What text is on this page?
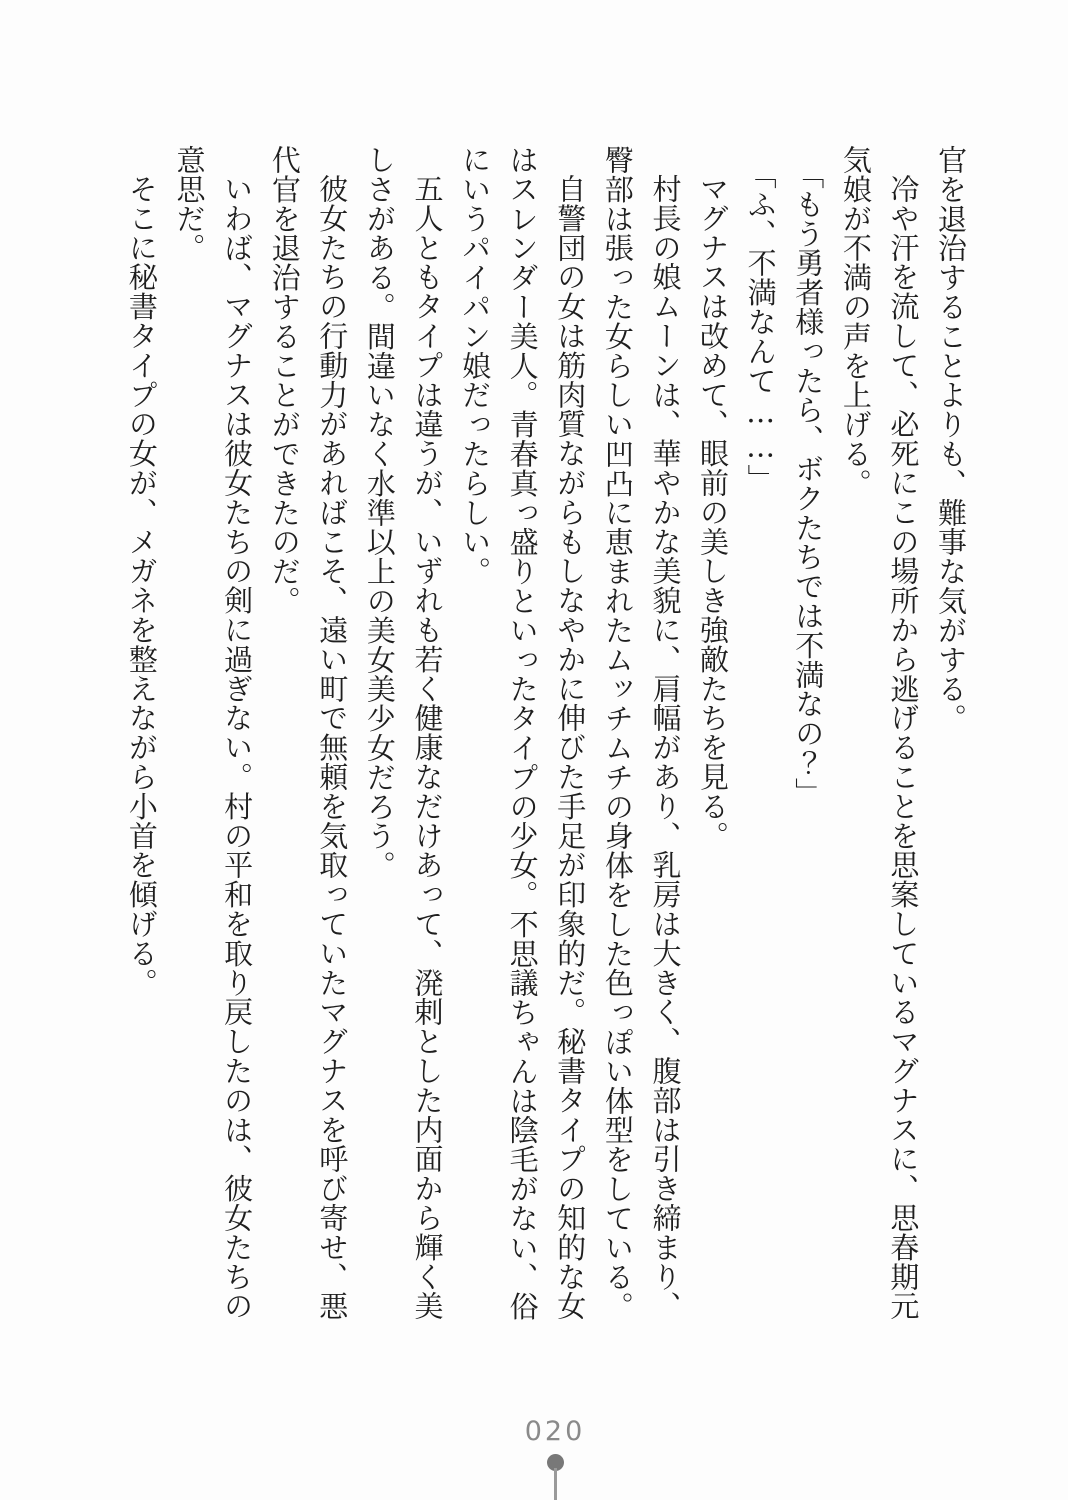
官を退治することよりも、難事な気がする。
冷や汗を流して、必死にこの場所から逃げることを思案しているマグナスに、思春期元
気娘が不満の声を上げる。
「もう勇者様ったら、ボクたちでは不満なの？」
「ふ、不満なんて……」
マグナスは改めて、眼前の美しき強敵たちを見る。
村長の娘ムーンは、華やかな美貌に、肩幅があり、乳房は大きく、腹部は引き締まり、
臀部は張った女らしい凹凸に恵まれたムッチムチの身体をした色っぽい体型をしている。
自警団の女は筋肉質ながらもしなやかに伸びた手足が印象的だ。秘書タイプの知的な女
はスレンダー美人。青春真っ盛りといったタイプの少女。不思議ちゃんは陰毛がない、俗
にいうパイパン娘だったらしい。
五人ともタイプは違うが、いずれも若く健康なだけあって、溌剌とした内面から輝く美
しさがある。間違いなく水準以上の美女美少女だろう。
彼女たちの行動力があればこそ、遠い町で無頼を気取っていたマグナスを呼び寄せ、悪
代官を退治することができたのだ。
いわば、マグナスは彼女たちの剣に過ぎない。村の平和を取り戻したのは、彼女たちの
意思だ。
そこに秘書タイプの女が、メガネを整えながら小首を傾げる。
020
